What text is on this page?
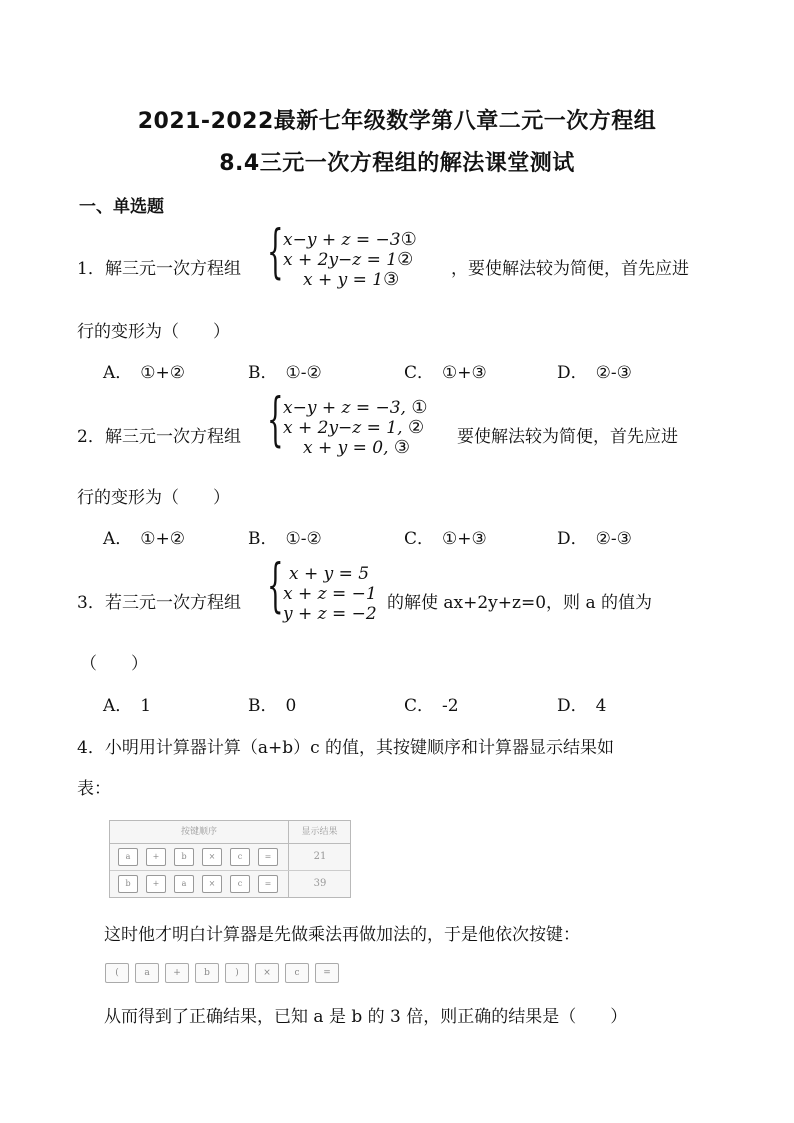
2021-2022最新七年级数学第八章二元一次方程组
8.4三元一次方程组的解法课堂测试
一、单选题
1． 解三元一次方程组 { x−y + z = −3①
x + 2y−z = 1②
x + y = 1③	，要使解法较为简便，首先应进
行的变形为（　　）
A． ①+②	B． ①-②	C． ①+③	D． ②-③
2． 解三元一次方程组 { x−y + z = −3, ①
x + 2y−z = 1, ②
x + y = 0, ③	要使解法较为简便，首先应进
行的变形为（　　）
A． ①+②	B． ①-②	C． ①+③	D． ②-③
3． 若三元一次方程组 { x + y = 5
x + z = −1
y + z = −2
的解使 ax+2y+z=0，则 a 的值为
（　　）
A． 1	B． 0	C． -2	D． 4
4．小明用计算器计算（a+b）c 的值，其按键顺序和计算器显示结果如
表：
按键顺序	显示结果
a	+	b	×	c	=	21
b	+	a	×	c	=	39
这时他才明白计算器是先做乘法再做加法的，于是他依次按键：
(	a	+	b	)	×	c	=
从而得到了正确结果，已知 a 是 b 的 3 倍，则正确的结果是（　　）
